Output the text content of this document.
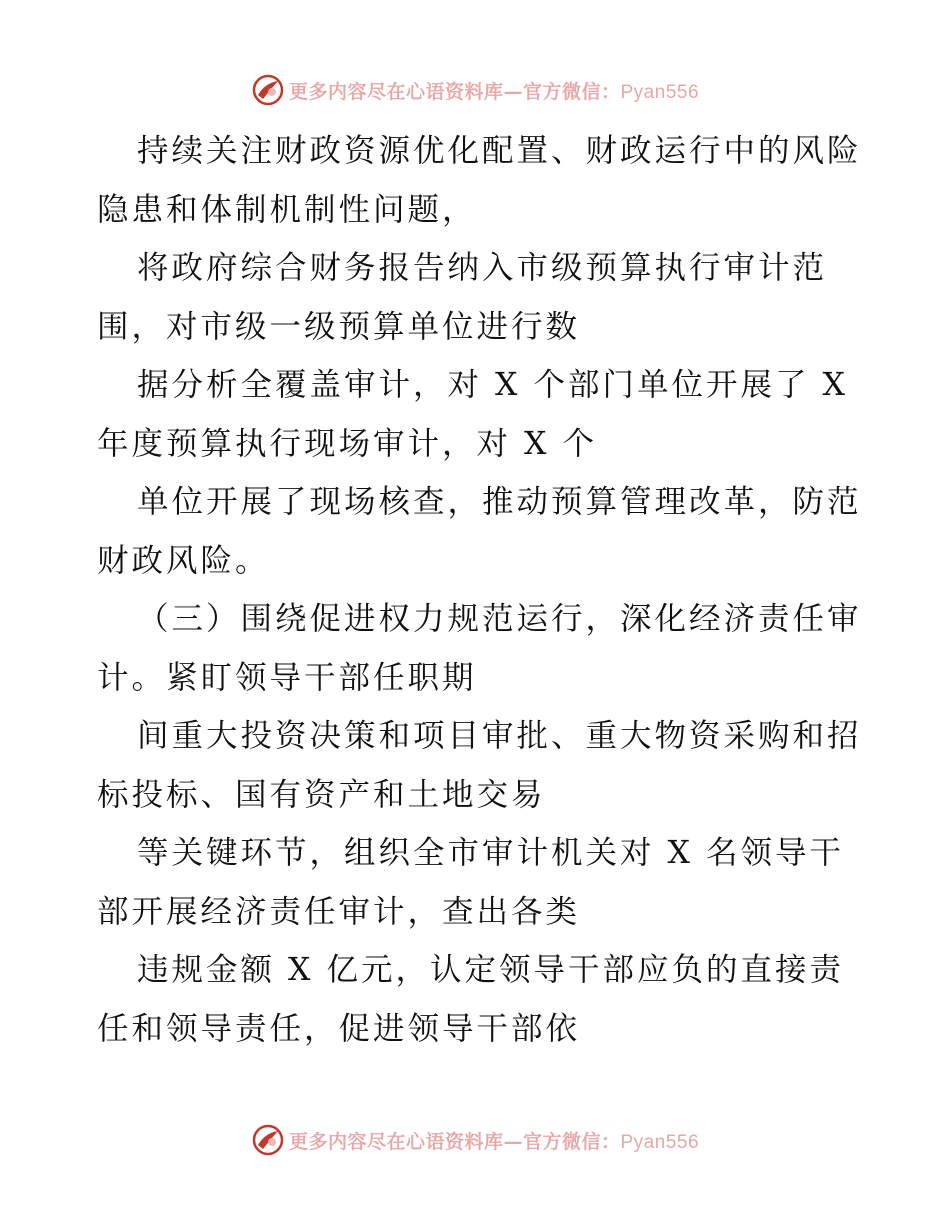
更多内容尽在心语资料库—官方微信：Pyan556

持续关注财政资源优化配置、财政运行中的风险
隐患和体制机制性问题，

将政府综合财务报告纳入市级预算执行审计范
围，对市级一级预算单位进行数

据分析全覆盖审计，对 X 个部门单位开展了 X
年度预算执行现场审计，对 X 个

单位开展了现场核查，推动预算管理改革，防范
财政风险。

（三）围绕促进权力规范运行，深化经济责任审
计。紧盯领导干部任职期

间重大投资决策和项目审批、重大物资采购和招
标投标、国有资产和土地交易

等关键环节，组织全市审计机关对 X 名领导干
部开展经济责任审计，查出各类

违规金额 X 亿元，认定领导干部应负的直接责
任和领导责任，促进领导干部依

更多内容尽在心语资料库—官方微信：Pyan556
